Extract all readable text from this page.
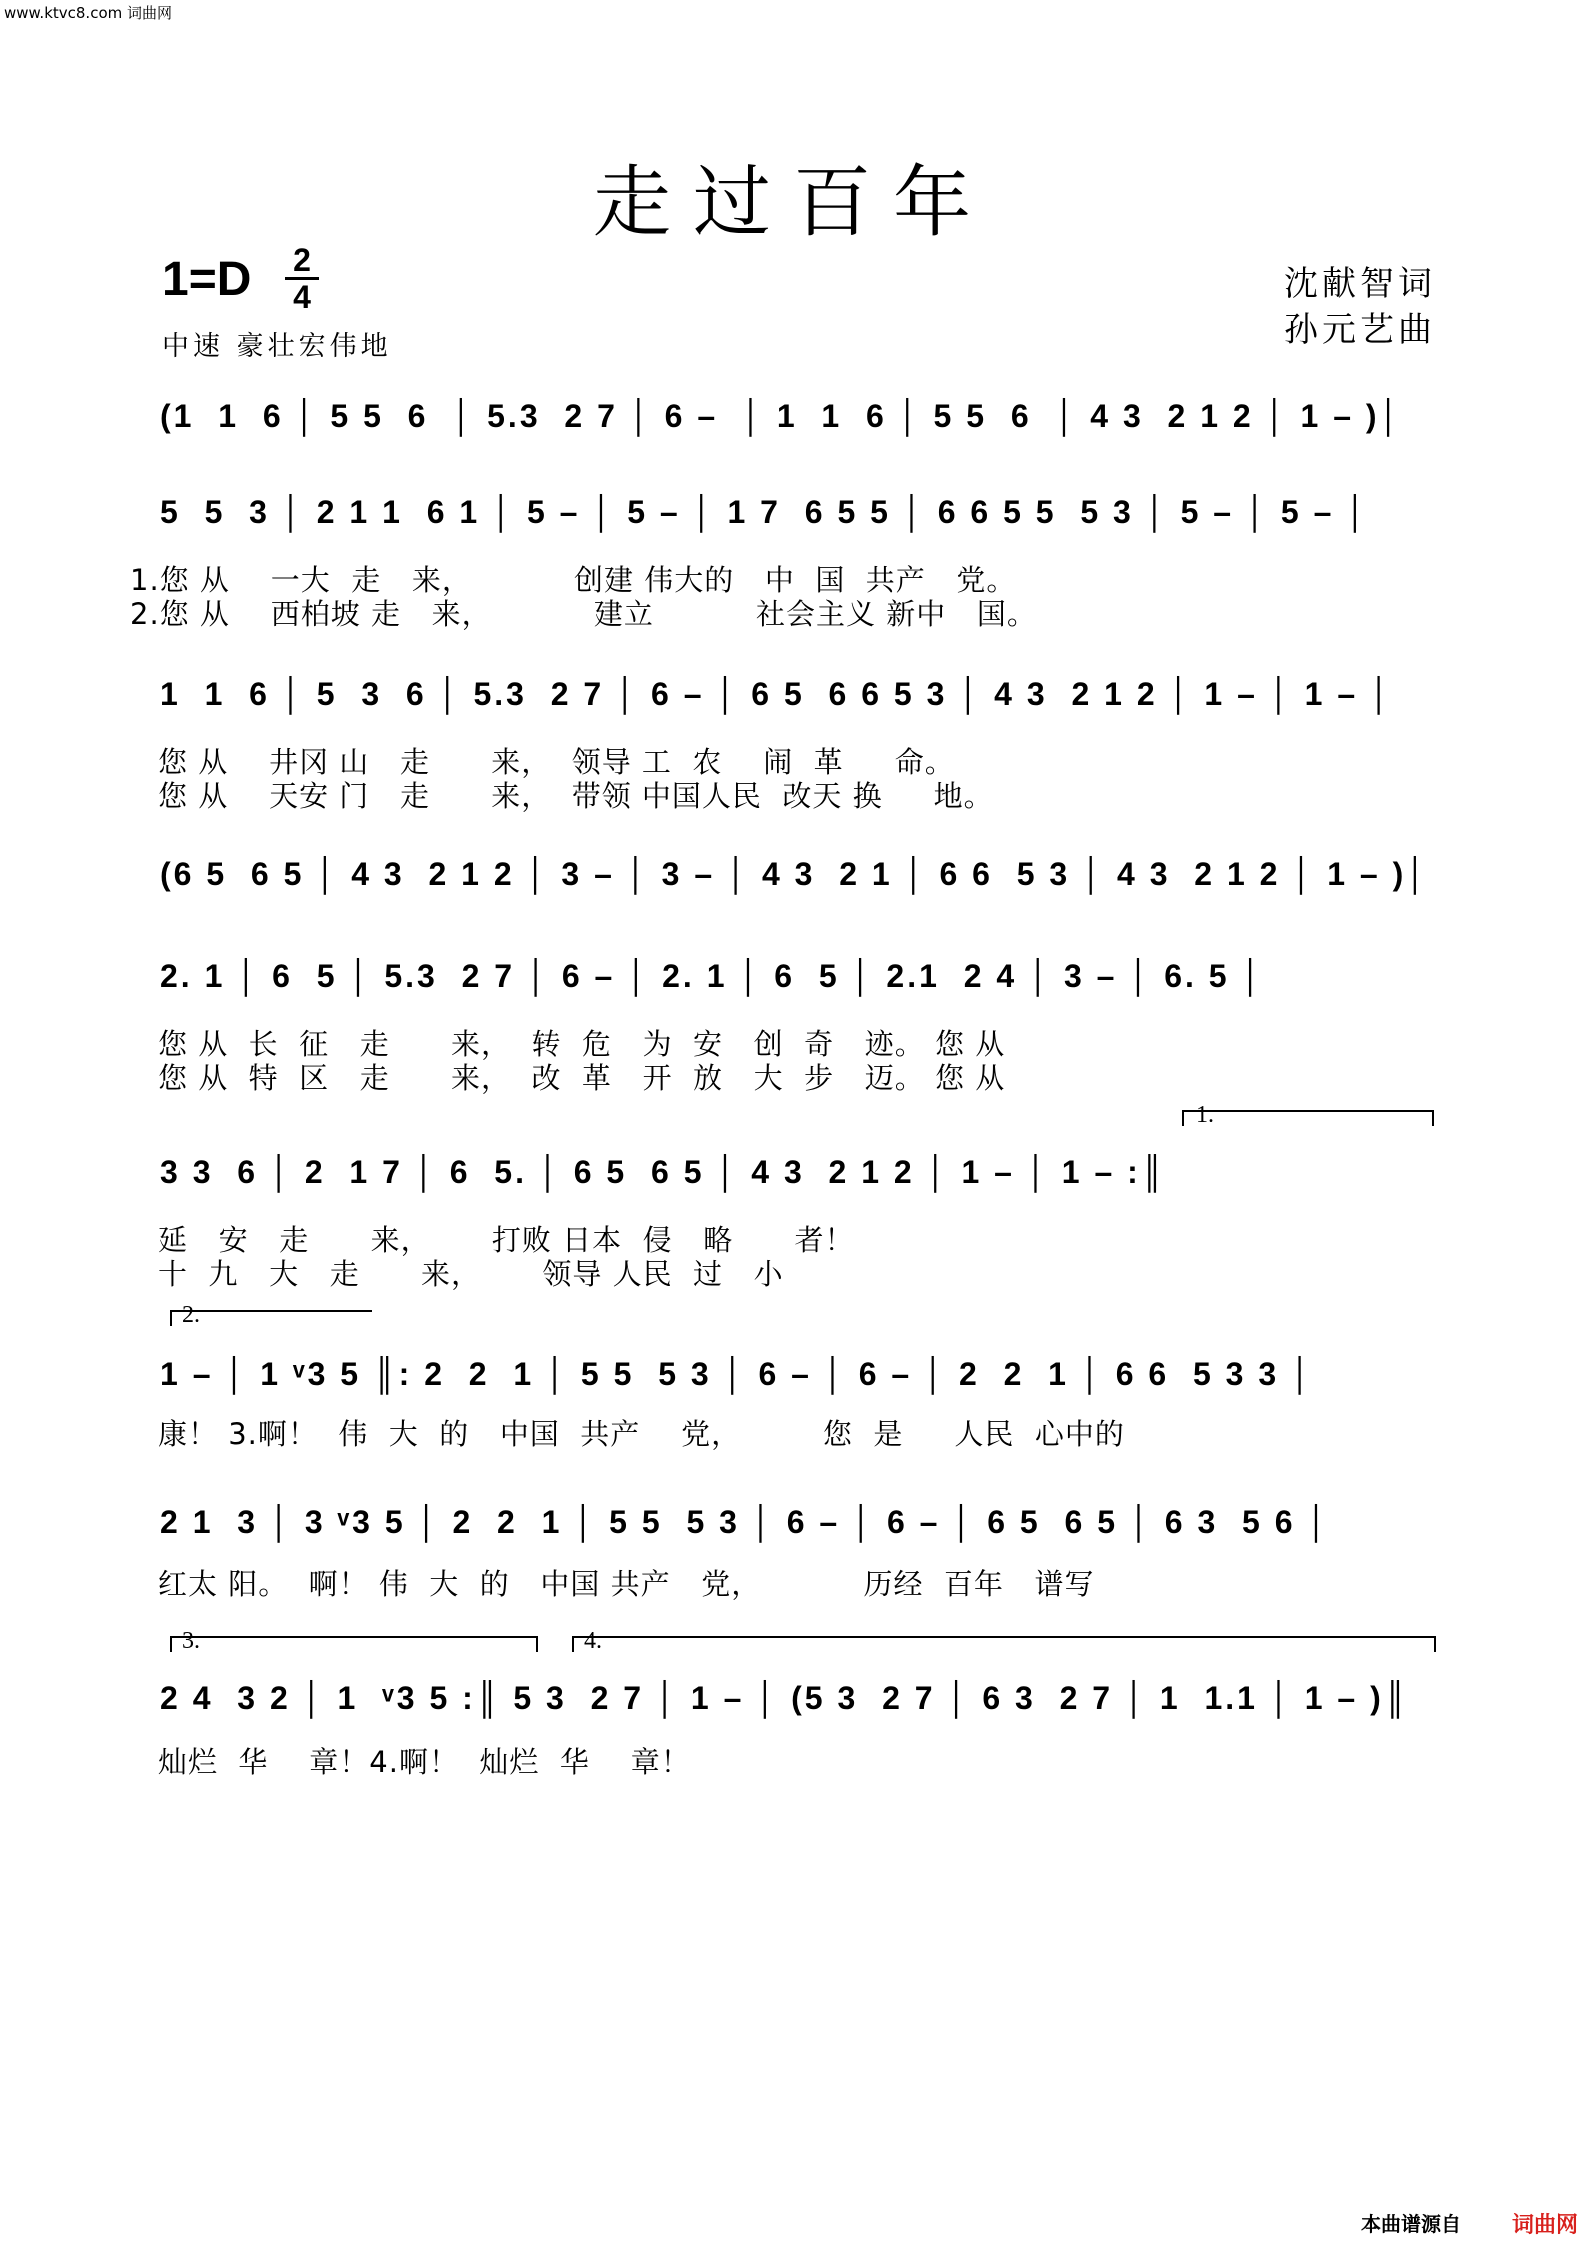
www.ktvc8.com 词曲网
走过百年
1=D 2
4
中速 豪壮宏伟地
沈献智词
孙元艺曲
(1  1  6 │ 5 5  6  │ 5.3  2 7 │ 6 –  │ 1  1  6 │ 5 5  6  │ 4 3  2 1 2 │ 1 – )│
5  5  3 │ 2 1 1  6 1 │ 5 – │ 5 – │ 1 7  6 5 5 │ 6 6 5 5  5 3 │ 5 – │ 5 – │
1.您 从    一大  走   来，          创建 伟大的   中  国  共产   党。
2.您 从    西柏坡 走   来，          建立          社会主义 新中   国。
1  1  6 │ 5  3  6 │ 5.3  2 7 │ 6 – │ 6 5  6 6 5 3 │ 4 3  2 1 2 │ 1 – │ 1 – │
您 从    井冈 山   走      来，  领导 工  农    闹  革     命。
您 从    天安 门   走      来，  带领 中国人民  改天 换     地。
(6 5  6 5 │ 4 3  2 1 2 │ 3 – │ 3 – │ 4 3  2 1 │ 6 6  5 3 │ 4 3  2 1 2 │ 1 – )│
2. 1 │ 6  5 │ 5.3  2 7 │ 6 – │ 2. 1 │ 6  5 │ 2.1  2 4 │ 3 – │ 6. 5 │
您 从  长  征   走      来，  转  危   为  安   创  奇   迹。 您 从
您 从  特  区   走      来，  改  革   开  放   大  步   迈。 您 从
1.
3 3  6 │ 2  1 7 │ 6  5. │ 6 5  6 5 │ 4 3  2 1 2 │ 1 – │ 1 – :║
延   安   走      来，      打败 日本  侵   略      者！
十  九   大   走      来，      领导 人民  过   小
2.
1 – │ 1 ᵛ3 5 ║: 2  2  1 │ 5 5  5 3 │ 6 – │ 6 – │ 2  2  1 │ 6 6  5 3 3 │
康！ 3.啊！  伟  大  的   中国  共产    党，        您  是     人民  心中的
2 1  3 │ 3 ᵛ3 5 │ 2  2  1 │ 5 5  5 3 │ 6 – │ 6 – │ 6 5  6 5 │ 6 3  5 6 │
红太 阳。  啊！ 伟  大  的   中国 共产   党，          历经  百年   谱写
3.	4.
2 4  3 2 │ 1  ᵛ3 5 :║ 5 3  2 7 │ 1 – │ (5 3  2 7 │ 6 3  2 7 │ 1  1.1 │ 1 – )║
灿烂  华    章！4.啊！  灿烂  华    章！
本曲谱源自 词曲网
